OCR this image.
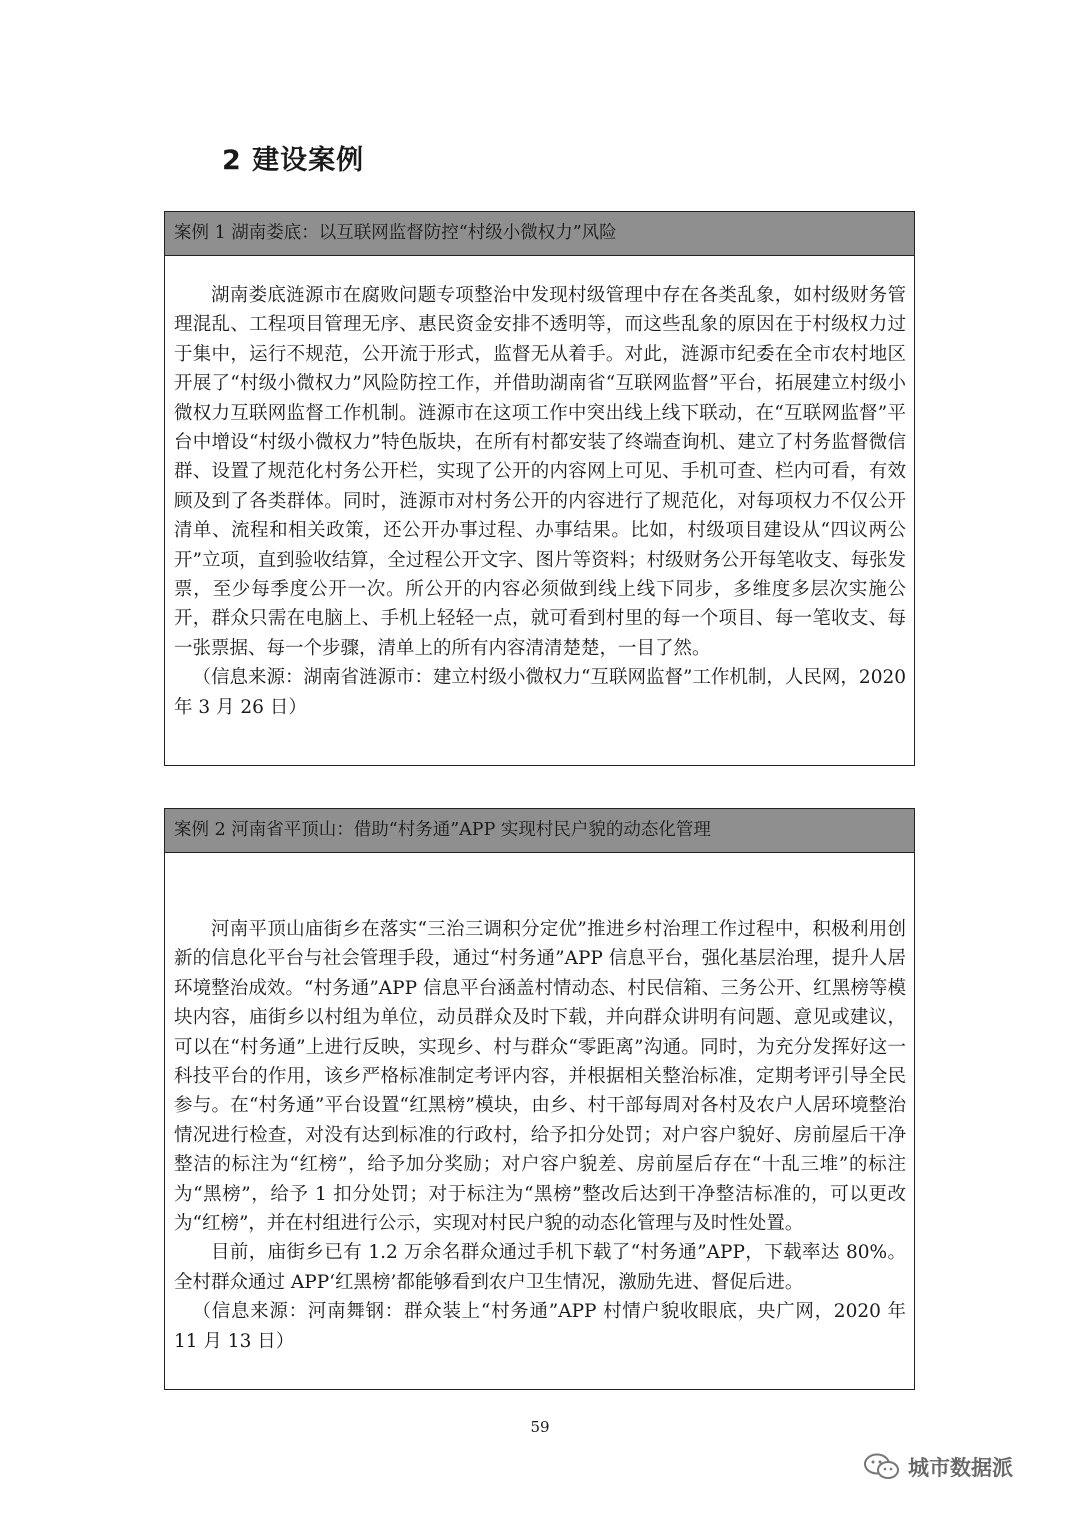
2 建设案例
案例 1 湖南娄底：以互联网监督防控“村级小微权力”风险

湖南娄底涟源市在腐败问题专项整治中发现村级管理中存在各类乱象，如村级财务管理混乱、工程项目管理无序、惠民资金安排不透明等，而这些乱象的原因在于村级权力过于集中，运行不规范，公开流于形式，监督无从着手。对此，涟源市纪委在全市农村地区开展了“村级小微权力”风险防控工作，并借助湖南省“互联网监督”平台，拓展建立村级小微权力互联网监督工作机制。涟源市在这项工作中突出线上线下联动，在“互联网监督”平台中增设“村级小微权力”特色版块，在所有村都安装了终端查询机、建立了村务监督微信群、设置了规范化村务公开栏，实现了公开的内容网上可见、手机可查、栏内可看，有效顾及到了各类群体。同时，涟源市对村务公开的内容进行了规范化，对每项权力不仅公开清单、流程和相关政策，还公开办事过程、办事结果。比如，村级项目建设从“四议两公开”立项，直到验收结算，全过程公开文字、图片等资料；村级财务公开每笔收支、每张发票，至少每季度公开一次。所公开的内容必须做到线上线下同步，多维度多层次实施公开，群众只需在电脑上、手机上轻轻一点，就可看到村里的每一个项目、每一笔收支、每一张票据、每一个步骤，清单上的所有内容清清楚楚，一目了然。

（信息来源：湖南省涟源市：建立村级小微权力“互联网监督”工作机制，人民网，2020 年 3 月 26 日）

案例 2 河南省平顶山：借助“村务通”APP 实现村民户貌的动态化管理

河南平顶山庙街乡在落实“三治三调积分定优”推进乡村治理工作过程中，积极利用创新的信息化平台与社会管理手段，通过“村务通”APP 信息平台，强化基层治理，提升人居环境整治成效。“村务通”APP 信息平台涵盖村情动态、村民信箱、三务公开、红黑榜等模块内容，庙街乡以村组为单位，动员群众及时下载，并向群众讲明有问题、意见或建议，可以在“村务通”上进行反映，实现乡、村与群众“零距离”沟通。同时，为充分发挥好这一科技平台的作用，该乡严格标准制定考评内容，并根据相关整治标准，定期考评引导全民参与。在“村务通”平台设置“红黑榜”模块，由乡、村干部每周对各村及农户人居环境整治情况进行检查，对没有达到标准的行政村，给予扣分处罚；对户容户貌好、房前屋后干净整洁的标注为“红榜”，给予加分奖励；对户容户貌差、房前屋后存在“十乱三堆”的标注为“黑榜”，给予 1 扣分处罚；对于标注为“黑榜”整改后达到干净整洁标准的，可以更改为“红榜”，并在村组进行公示，实现对村民户貌的动态化管理与及时性处置。

目前，庙街乡已有 1.2 万余名群众通过手机下载了“村务通”APP，下载率达 80%。全村群众通过 APP‘红黑榜’都能够看到农户卫生情况，激励先进、督促后进。

（信息来源：河南舞钢：群众装上“村务通”APP 村情户貌收眼底，央广网，2020 年 11 月 13 日）

59
城市数据派
